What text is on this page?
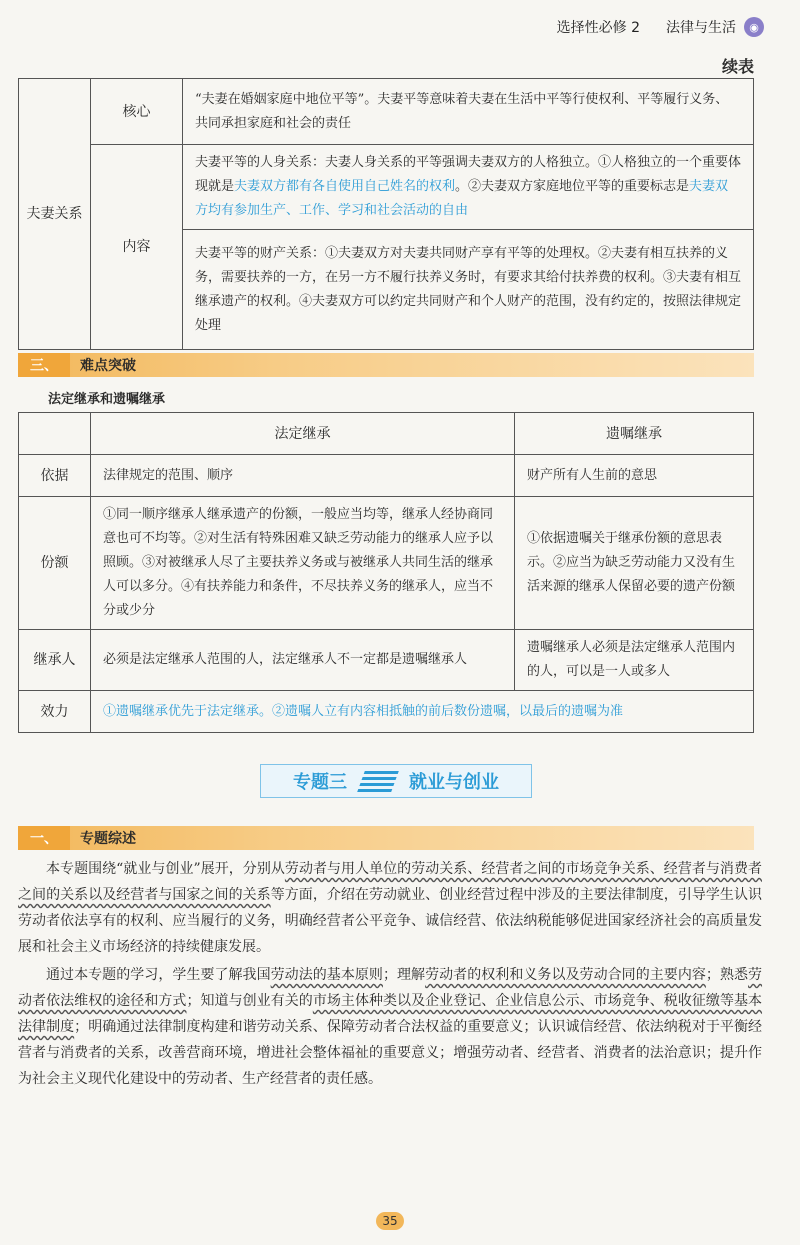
选择性必修 2 法律与生活	◉
续表
夫妻关系	核心	“夫妻在婚姻家庭中地位平等”。夫妻平等意味着夫妻在生活中平等行使权利、平等履行义务、共同承担家庭和社会的责任
	内容	夫妻平等的人身关系：夫妻人身关系的平等强调夫妻双方的人格独立。①人格独立的一个重要体现就是夫妻双方都有各自使用自己姓名的权利。②夫妻双方家庭地位平等的重要标志是夫妻双方均有参加生产、工作、学习和社会活动的自由
		夫妻平等的财产关系：①夫妻双方对夫妻共同财产享有平等的处理权。②夫妻有相互扶养的义务，需要扶养的一方，在另一方不履行扶养义务时，有要求其给付扶养费的权利。③夫妻有相互继承遗产的权利。④夫妻双方可以约定共同财产和个人财产的范围，没有约定的，按照法律规定处理
三、	难点突破
法定继承和遗嘱继承
	法定继承	遗嘱继承
依据	法律规定的范围、顺序	财产所有人生前的意思
份额	①同一顺序继承人继承遗产的份额，一般应当均等，继承人经协商同意也可不均等。②对生活有特殊困难又缺乏劳动能力的继承人应予以照顾。③对被继承人尽了主要扶养义务或与被继承人共同生活的继承人可以多分。④有扶养能力和条件，不尽扶养义务的继承人，应当不分或少分	①依据遗嘱关于继承份额的意思表示。②应当为缺乏劳动能力又没有生活来源的继承人保留必要的遗产份额
继承人	必须是法定继承人范围的人，法定继承人不一定都是遗嘱继承人	遗嘱继承人必须是法定继承人范围内的人，可以是一人或多人
效力	①遗嘱继承优先于法定继承。②遗嘱人立有内容相抵触的前后数份遗嘱，以最后的遗嘱为准	
专题三	就业与创业
一、	专题综述
本专题围绕“就业与创业”展开，分别从劳动者与用人单位的劳动关系、经营者之间的市场竞争关系、经营者与消费者之间的关系以及经营者与国家之间的关系等方面，介绍在劳动就业、创业经营过程中涉及的主要法律制度，引导学生认识劳动者依法享有的权利、应当履行的义务，明确经营者公平竞争、诚信经营、依法纳税能够促进国家经济社会的高质量发展和社会主义市场经济的持续健康发展。
通过本专题的学习，学生要了解我国劳动法的基本原则；理解劳动者的权利和义务以及劳动合同的主要内容；熟悉劳动者依法维权的途径和方式；知道与创业有关的市场主体种类以及企业登记、企业信息公示、市场竞争、税收征缴等基本法律制度；明确通过法律制度构建和谐劳动关系、保障劳动者合法权益的重要意义；认识诚信经营、依法纳税对于平衡经营者与消费者的关系，改善营商环境，增进社会整体福祉的重要意义；增强劳动者、经营者、消费者的法治意识；提升作为社会主义现代化建设中的劳动者、生产经营者的责任感。
35
